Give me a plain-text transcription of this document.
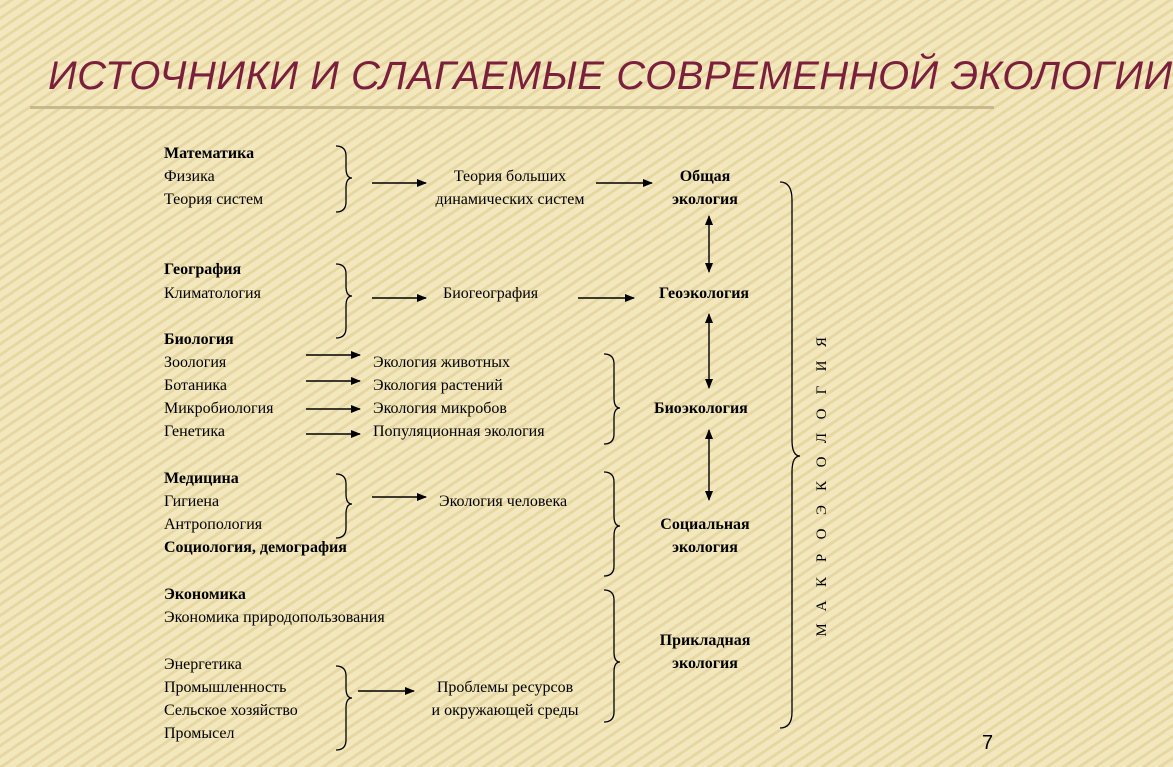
ИСТОЧНИКИ И СЛАГАЕМЫЕ СОВРЕМЕННОЙ ЭКОЛОГИИ
Математика
Физика
Теория систем
География
Климатология
Биология
Зоология
Ботаника
Микробиология
Генетика
Медицина
Гигиена
Антропология
Социология, демография
Экономика
Экономика природопользования
Энергетика
Промышленность
Сельское хозяйство
Промысел
Теория больших
динамических систем
Биогеография
Экология животных
Экология растений
Экология микробов
Популяционная экология
Экология человека
Проблемы ресурсов
и окружающей среды
Общая
экология
Геоэкология
Биоэкология
Социальная
экология
Прикладная
экология
М
А
К
Р
О
Э
К
О
Л
О
Г
И
Я
7
